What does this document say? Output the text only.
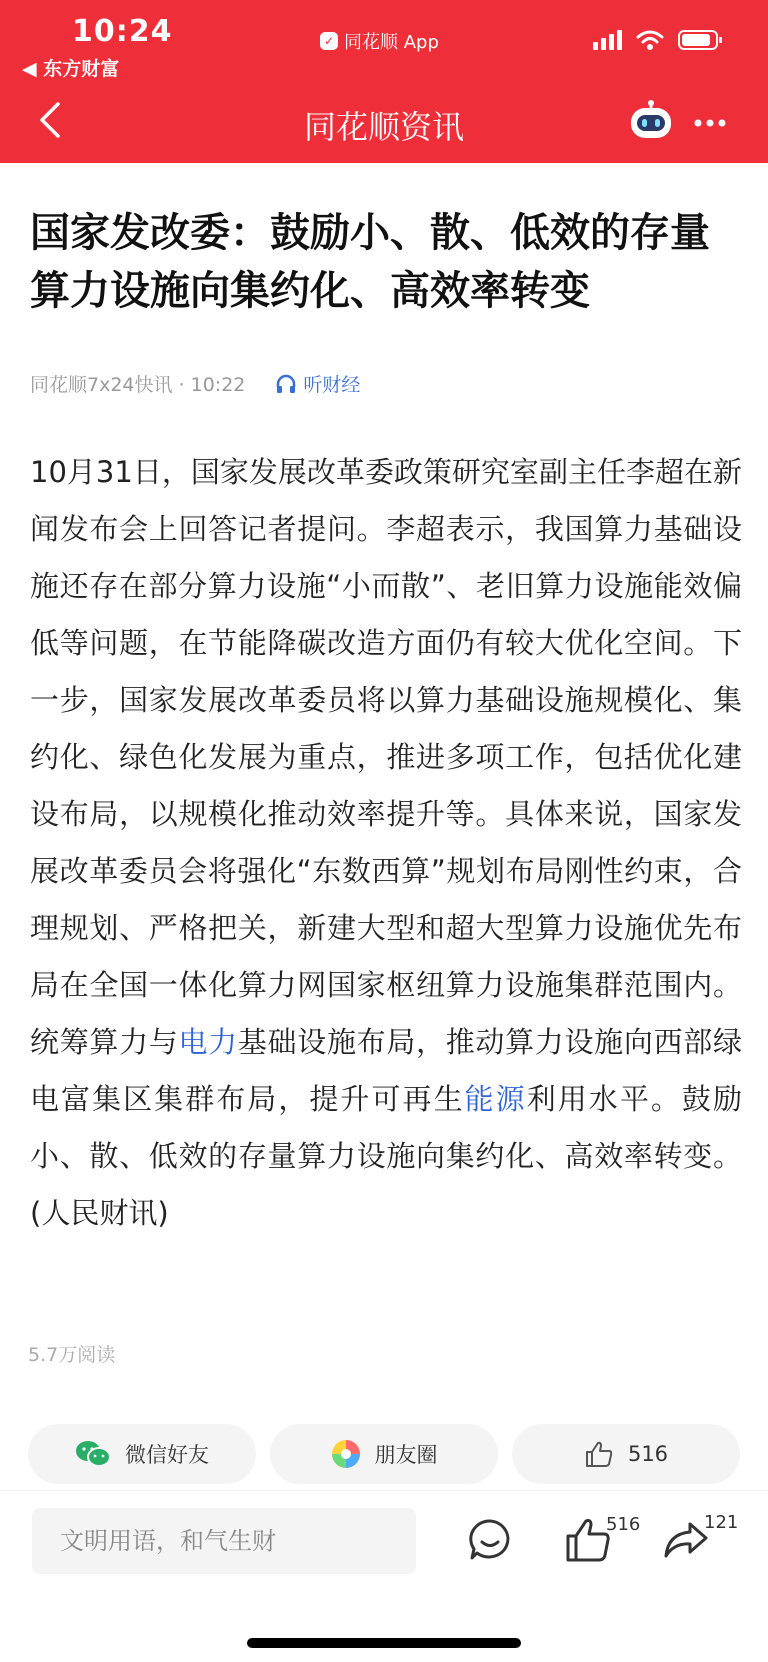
10:24
◀ 东方财富
✓ 同花顺 App
同花顺资讯
国家发改委：鼓励小、散、低效的存量算力设施向集约化、高效率转变
同花顺7x24快讯 · 10:22	听财经
10月31日，国家发展改革委政策研究室副主任李超在新闻发布会上回答记者提问。李超表示，我国算力基础设施还存在部分算力设施“小而散”、老旧算力设施能效偏低等问题，在节能降碳改造方面仍有较大优化空间。下一步，国家发展改革委员将以算力基础设施规模化、集约化、绿色化发展为重点，推进多项工作，包括优化建设布局，以规模化推动效率提升等。具体来说，国家发展改革委员会将强化“东数西算”规划布局刚性约束，合理规划、严格把关，新建大型和超大型算力设施优先布局在全国一体化算力网国家枢纽算力设施集群范围内。统筹算力与电力基础设施布局，推动算力设施向西部绿电富集区集群布局，提升可再生能源利用水平。鼓励小、散、低效的存量算力设施向集约化、高效率转变。(人民财讯)
5.7万阅读
微信好友	朋友圈	516
文明用语，和气生财
516	121
